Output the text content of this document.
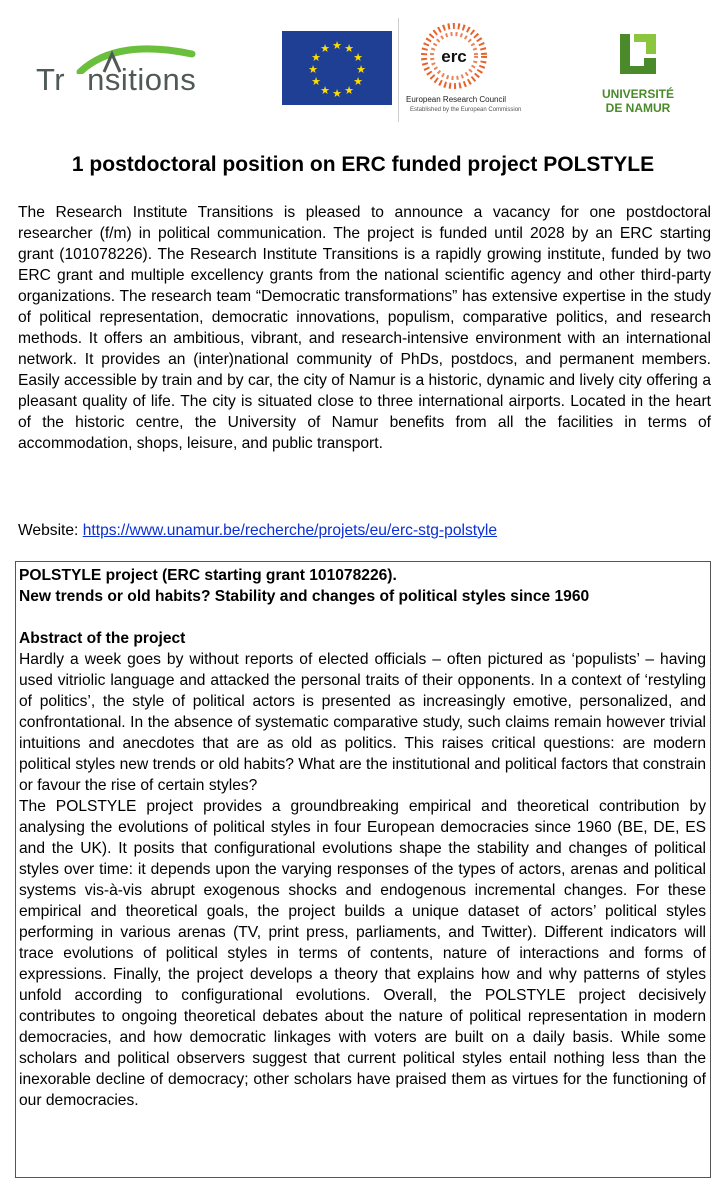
Tr nsitions
★ ★
★
★
★
★
★
★
★
★
★
★	erc
European Research Council
Established by the European Commission
UNIVERSITÉ
DE NAMUR
1 postdoctoral position on ERC funded project POLSTYLE

The Research Institute Transitions is pleased to announce a vacancy for one postdoctoral researcher (f/m) in political communication. The project is funded until 2028 by an ERC starting grant (101078226). The Research Institute Transitions is a rapidly growing institute, funded by two ERC grant and multiple excellency grants from the national scientific agency and other third-party organizations. The research team “Democratic transformations” has extensive expertise in the study of political representation, democratic innovations, populism, comparative politics, and research methods. It offers an ambitious, vibrant, and research-intensive environment with an international network. It provides an (inter)national community of PhDs, postdocs, and permanent members. Easily accessible by train and by car, the city of Namur is a historic, dynamic and lively city offering a pleasant quality of life. The city is situated close to three international airports. Located in the heart of the historic centre, the University of Namur benefits from all the facilities in terms of accommodation, shops, leisure, and public transport.

Website: https://www.unamur.be/recherche/projets/eu/erc-stg-polstyle

POLSTYLE project (ERC starting grant 101078226).

New trends or old habits? Stability and changes of political styles since 1960

Abstract of the project

Hardly a week goes by without reports of elected officials – often pictured as ‘populists’ – having used vitriolic language and attacked the personal traits of their opponents. In a context of ‘restyling of politics’, the style of political actors is presented as increasingly emotive, personalized, and confrontational. In the absence of systematic comparative study, such claims remain however trivial intuitions and anecdotes that are as old as politics. This raises critical questions: are modern political styles new trends or old habits? What are the institutional and political factors that constrain or favour the rise of certain styles?

The POLSTYLE project provides a groundbreaking empirical and theoretical contribution by analysing the evolutions of political styles in four European democracies since 1960 (BE, DE, ES and the UK). It posits that configurational evolutions shape the stability and changes of political styles over time: it depends upon the varying responses of the types of actors, arenas and political systems vis-à-vis abrupt exogenous shocks and endogenous incremental changes. For these empirical and theoretical goals, the project builds a unique dataset of actors’ political styles performing in various arenas (TV, print press, parliaments, and Twitter). Different indicators will trace evolutions of political styles in terms of contents, nature of interactions and forms of expressions. Finally, the project develops a theory that explains how and why patterns of styles unfold according to configurational evolutions. Overall, the POLSTYLE project decisively contributes to ongoing theoretical debates about the nature of political representation in modern democracies, and how democratic linkages with voters are built on a daily basis. While some scholars and political observers suggest that current political styles entail nothing less than the inexorable decline of democracy; other scholars have praised them as virtues for the functioning of our democracies.
